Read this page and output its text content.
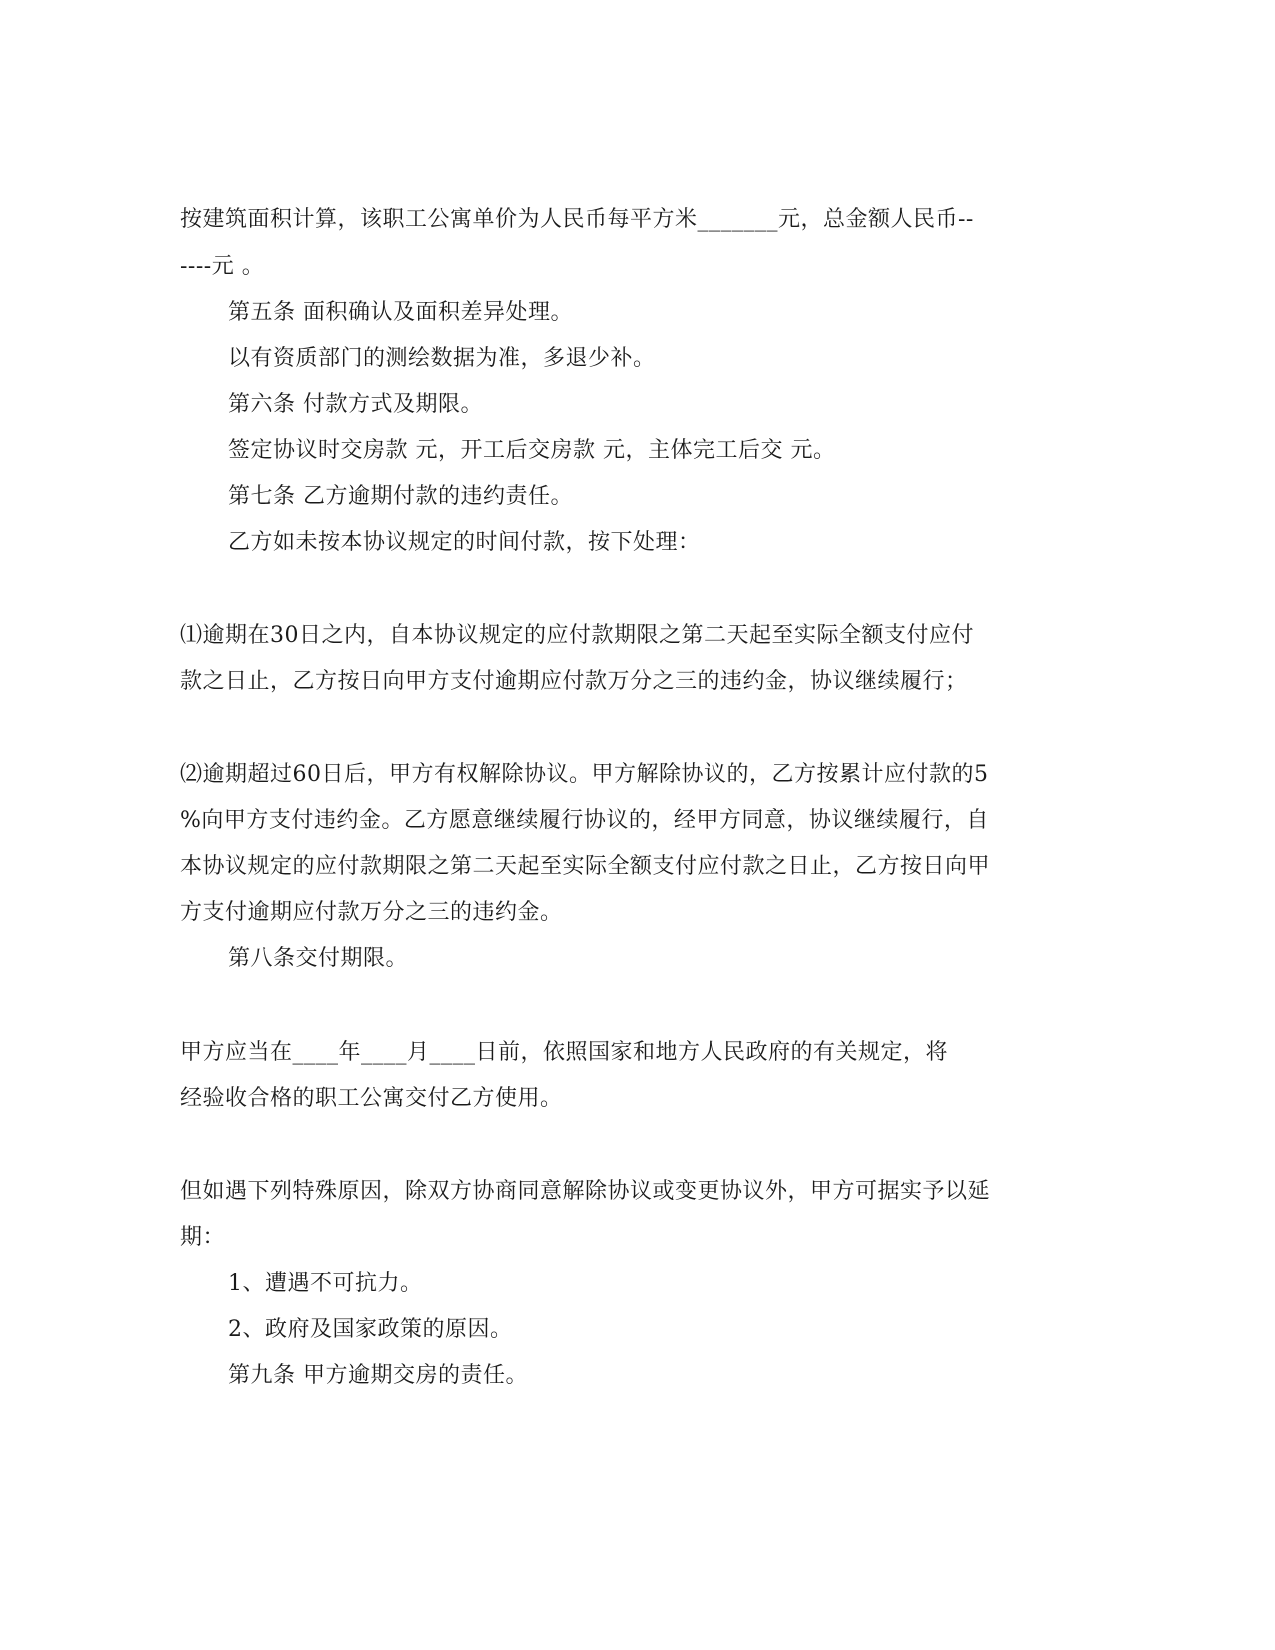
按建筑面积计算，该职工公寓单价为人民币每平方米_______元，总金额人民币--

----元 。

第五条 面积确认及面积差异处理。

以有资质部门的测绘数据为准，多退少补。

第六条 付款方式及期限。

签定协议时交房款 元，开工后交房款 元，主体完工后交 元。

第七条 乙方逾期付款的违约责任。

乙方如未按本协议规定的时间付款，按下处理：

⑴逾期在30日之内，自本协议规定的应付款期限之第二天起至实际全额支付应付

款之日止，乙方按日向甲方支付逾期应付款万分之三的违约金，协议继续履行；

⑵逾期超过60日后，甲方有权解除协议。甲方解除协议的，乙方按累计应付款的5

%向甲方支付违约金。乙方愿意继续履行协议的，经甲方同意，协议继续履行，自

本协议规定的应付款期限之第二天起至实际全额支付应付款之日止，乙方按日向甲

方支付逾期应付款万分之三的违约金。

第八条交付期限。

甲方应当在____年____月____日前，依照国家和地方人民政府的有关规定，将

经验收合格的职工公寓交付乙方使用。

但如遇下列特殊原因，除双方协商同意解除协议或变更协议外，甲方可据实予以延

期：

1、遭遇不可抗力。

2、政府及国家政策的原因。

第九条 甲方逾期交房的责任。
